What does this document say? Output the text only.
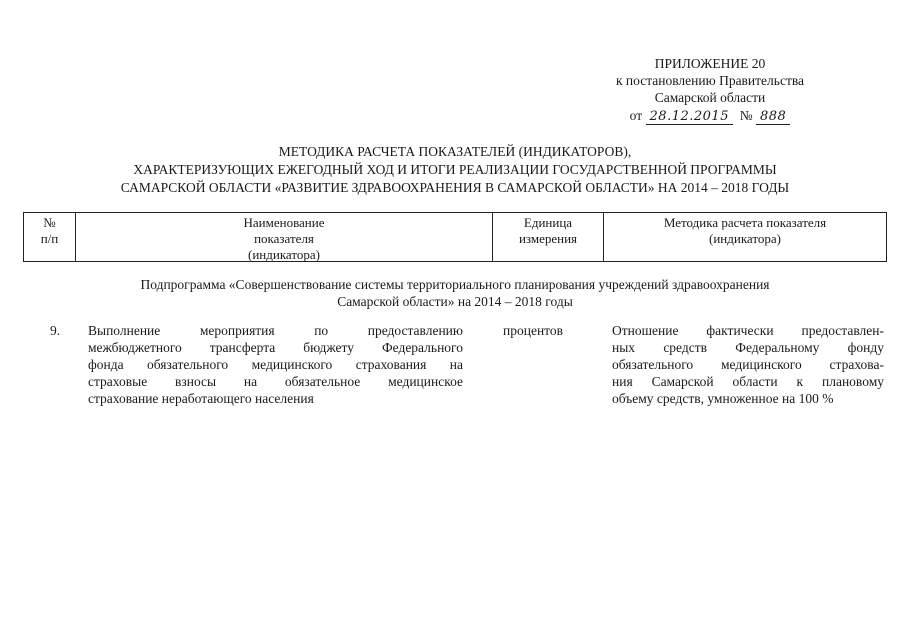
ПРИЛОЖЕНИЕ 20
к постановлению Правительства
Самарской области
от 28.12.2015 № 888
МЕТОДИКА РАСЧЕТА ПОКАЗАТЕЛЕЙ (ИНДИКАТОРОВ),
ХАРАКТЕРИЗУЮЩИХ ЕЖЕГОДНЫЙ ХОД И ИТОГИ РЕАЛИЗАЦИИ ГОСУДАРСТВЕННОЙ ПРОГРАММЫ
САМАРСКОЙ ОБЛАСТИ «РАЗВИТИЕ ЗДРАВООХРАНЕНИЯ В САМАРСКОЙ ОБЛАСТИ» НА 2014 – 2018 ГОДЫ
№
п/п
Наименование
показателя
(индикатора)
Единица
измерения
Методика расчета показателя
(индикатора)
Подпрограмма «Совершенствование системы территориального планирования учреждений здравоохранения
Самарской области» на 2014 – 2018 годы
9. Выполнение мероприятия по предоставлению
межбюджетного трансферта бюджету Федерального
фонда обязательного медицинского страхования на
страховые взносы на обязательное медицинское
страхование неработающего населения
процентов	Отношение фактически предоставлен-
ных средств Федеральному фонду
обязательного медицинского страхова-
ния Самарской области к плановому
объему средств, умноженное на 100 %
